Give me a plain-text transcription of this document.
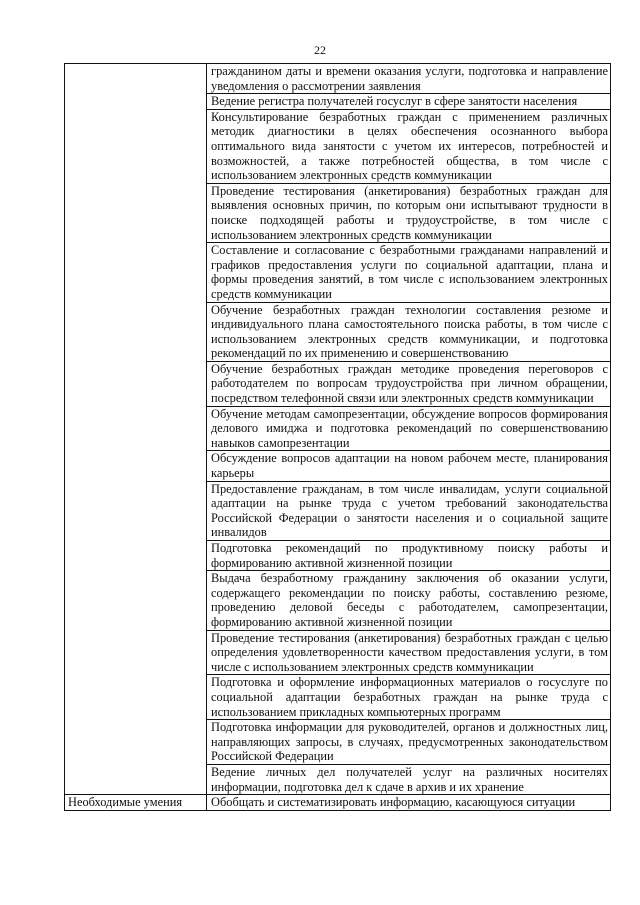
22
	гражданином даты и времени оказания услуги, подготовка и направление уведомления о рассмотрении заявления
	Ведение регистра получателей госуслуг в сфере занятости населения
	Консультирование безработных граждан с применением различных методик диагностики в целях обеспечения осознанного выбора оптимального вида занятости с учетом их интересов, потребностей и возможностей, а также потребностей общества, в том числе с использованием электронных средств коммуникации
	Проведение тестирования (анкетирования) безработных граждан для выявления основных причин, по которым они испытывают трудности в поиске подходящей работы и трудоустройстве, в том числе с использованием электронных средств коммуникации
	Составление и согласование с безработными гражданами направлений и графиков предоставления услуги по социальной адаптации, плана и формы проведения занятий, в том числе с использованием электронных средств коммуникации
	Обучение безработных граждан технологии составления резюме и индивидуального плана самостоятельного поиска работы, в том числе с использованием электронных средств коммуникации, и подготовка рекомендаций по их применению и совершенствованию
	Обучение безработных граждан методике проведения переговоров с работодателем по вопросам трудоустройства при личном обращении, посредством телефонной связи или электронных средств коммуникации
	Обучение методам самопрезентации, обсуждение вопросов формирования делового имиджа и подготовка рекомендаций по совершенствованию навыков самопрезентации
	Обсуждение вопросов адаптации на новом рабочем месте, планирования карьеры
	Предоставление гражданам, в том числе инвалидам, услуги социальной адаптации на рынке труда с учетом требований законодательства Российской Федерации о занятости населения и о социальной защите инвалидов
	Подготовка рекомендаций по продуктивному поиску работы и формированию активной жизненной позиции
	Выдача безработному гражданину заключения об оказании услуги, содержащего рекомендации по поиску работы, составлению резюме, проведению деловой беседы с работодателем, самопрезентации, формированию активной жизненной позиции
	Проведение тестирования (анкетирования) безработных граждан с целью определения удовлетворенности качеством предоставления услуги, в том числе с использованием электронных средств коммуникации
	Подготовка и оформление информационных материалов о госуслуге по социальной адаптации безработных граждан на рынке труда с использованием прикладных компьютерных программ
	Подготовка информации для руководителей, органов и должностных лиц, направляющих запросы, в случаях, предусмотренных законодательством Российской Федерации
	Ведение личных дел получателей услуг на различных носителях информации, подготовка дел к сдаче в архив и их хранение
Необходимые умения	Обобщать и систематизировать информацию, касающуюся ситуации
